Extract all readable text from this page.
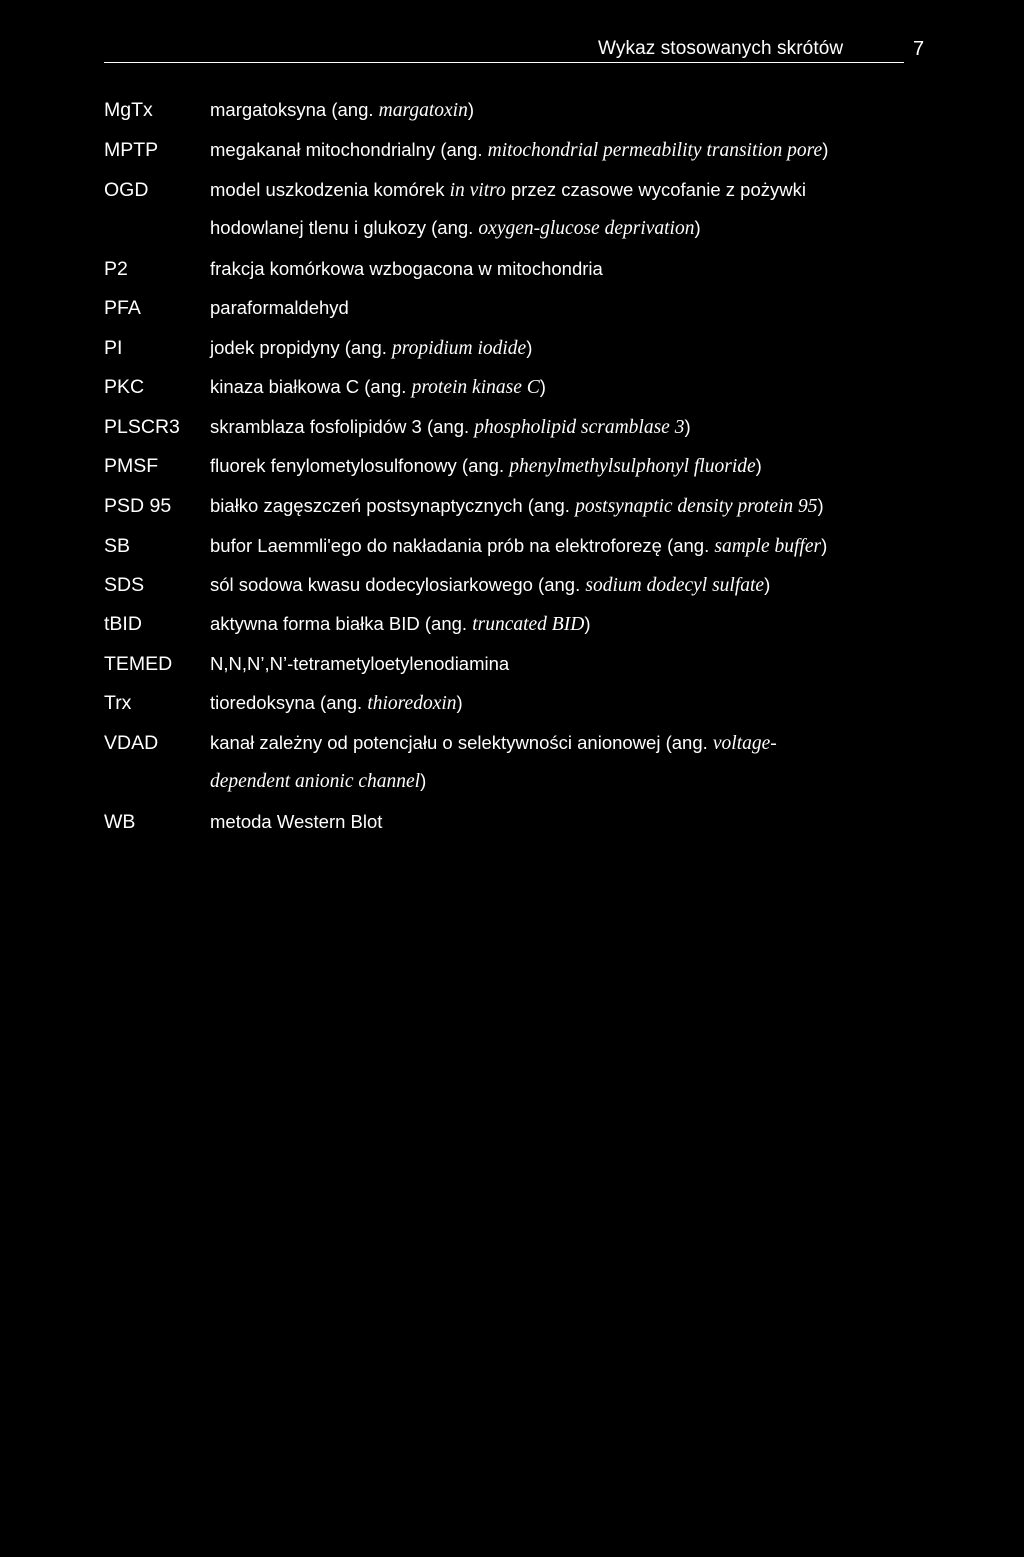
Wykaz stosowanych skrótów	7
MgTx	margatoksyna (ang. margatoxin)
MPTP	megakanał mitochondrialny (ang. mitochondrial permeability transition pore)
OGD	model uszkodzenia komórek in vitro przez czasowe wycofanie z pożywki
hodowlanej tlenu i glukozy (ang. oxygen-glucose deprivation)
P2	frakcja komórkowa wzbogacona w mitochondria
PFA	paraformaldehyd
PI	jodek propidyny (ang. propidium iodide)
PKC	kinaza białkowa C (ang. protein kinase C)
PLSCR3 skramblaza fosfolipidów 3 (ang. phospholipid scramblase 3)
PMSF	fluorek fenylometylosulfonowy (ang. phenylmethylsulphonyl fluoride)
PSD 95 białko zagęszczeń postsynaptycznych (ang. postsynaptic density protein 95)
SB	bufor Laemmli'ego do nakładania prób na elektroforezę (ang. sample buffer)
SDS	sól sodowa kwasu dodecylosiarkowego (ang. sodium dodecyl sulfate)
tBID	aktywna forma białka BID (ang. truncated BID)
TEMED N,N,N’,N’-tetrametyloetylenodiamina
Trx	tioredoksyna (ang. thioredoxin)
VDAD	kanał zależny od potencjału o selektywności anionowej (ang. voltage-
dependent anionic channel)
WB	metoda Western Blot
